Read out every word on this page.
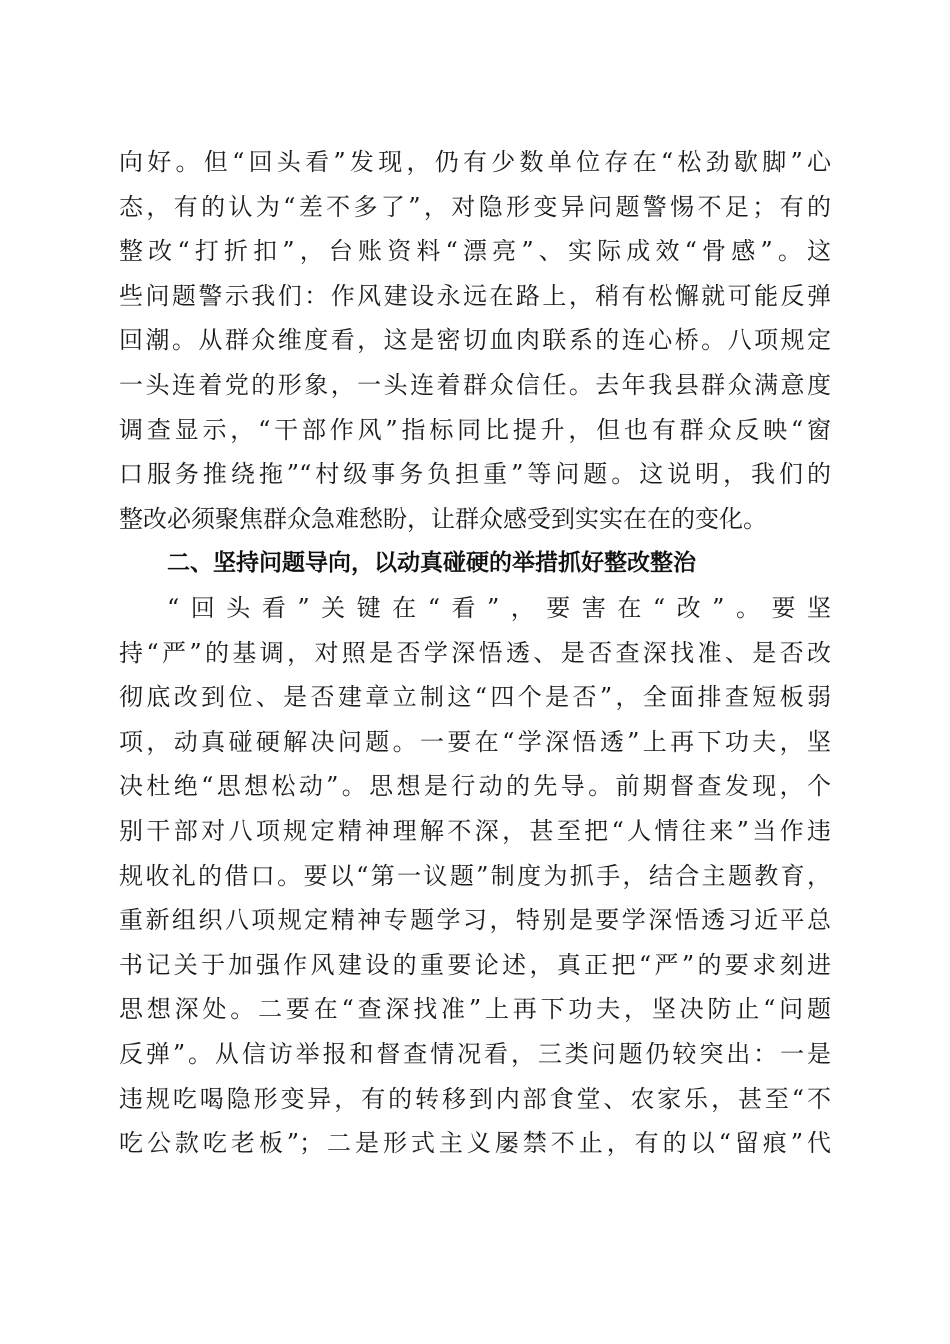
向好。但“回头看”发现，仍有少数单位存在“松劲歇脚”心
态，有的认为“差不多了”，对隐形变异问题警惕不足；有的
整改“打折扣”，台账资料“漂亮”、实际成效“骨感”。这
些问题警示我们：作风建设永远在路上，稍有松懈就可能反弹
回潮。从群众维度看，这是密切血肉联系的连心桥。八项规定
一头连着党的形象，一头连着群众信任。去年我县群众满意度
调查显示，“干部作风”指标同比提升，但也有群众反映“窗
口服务推绕拖”“村级事务负担重”等问题。这说明，我们的
整改必须聚焦群众急难愁盼，让群众感受到实实在在的变化。
二、坚持问题导向，以动真碰硬的举措抓好整改整治
“回头看”关键在“看”，要害在“改”。要坚
持“严”的基调，对照是否学深悟透、是否查深找准、是否改
彻底改到位、是否建章立制这“四个是否”，全面排查短板弱
项，动真碰硬解决问题。一要在“学深悟透”上再下功夫，坚
决杜绝“思想松动”。思想是行动的先导。前期督查发现，个
别干部对八项规定精神理解不深，甚至把“人情往来”当作违
规收礼的借口。要以“第一议题”制度为抓手，结合主题教育，
重新组织八项规定精神专题学习，特别是要学深悟透习近平总
书记关于加强作风建设的重要论述，真正把“严”的要求刻进
思想深处。二要在“查深找准”上再下功夫，坚决防止“问题
反弹”。从信访举报和督查情况看，三类问题仍较突出：一是
违规吃喝隐形变异，有的转移到内部食堂、农家乐，甚至“不
吃公款吃老板”；二是形式主义屡禁不止，有的以“留痕”代
